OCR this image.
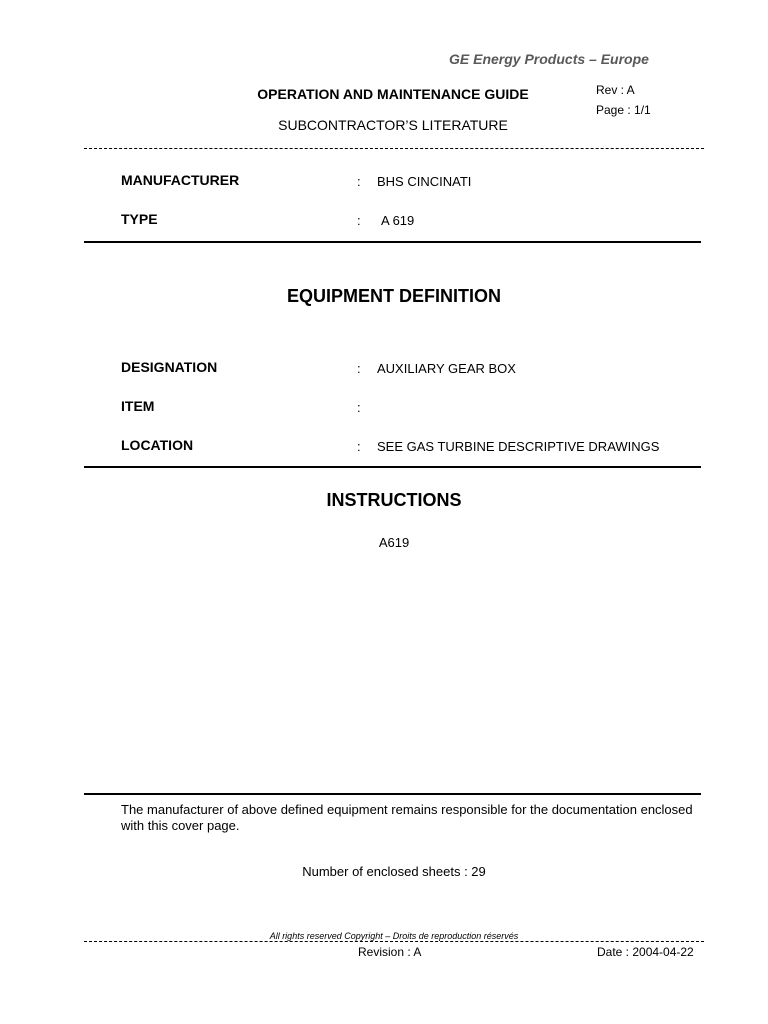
GE Energy Products – Europe
OPERATION AND MAINTENANCE GUIDE
SUBCONTRACTOR’S LITERATURE
Rev : A
Page : 1/1
MANUFACTURER	: BHS CINCINATI
TYPE	: A 619
EQUIPMENT DEFINITION
DESIGNATION	: AUXILIARY GEAR BOX
ITEM	:
LOCATION	: SEE GAS TURBINE DESCRIPTIVE DRAWINGS
INSTRUCTIONS
A619
The manufacturer of above defined equipment remains responsible for the documentation enclosed with this cover page.
Number of enclosed sheets : 29
All rights reserved Copyright – Droits de reproduction réservés
Revision : A	Date : 2004-04-22
